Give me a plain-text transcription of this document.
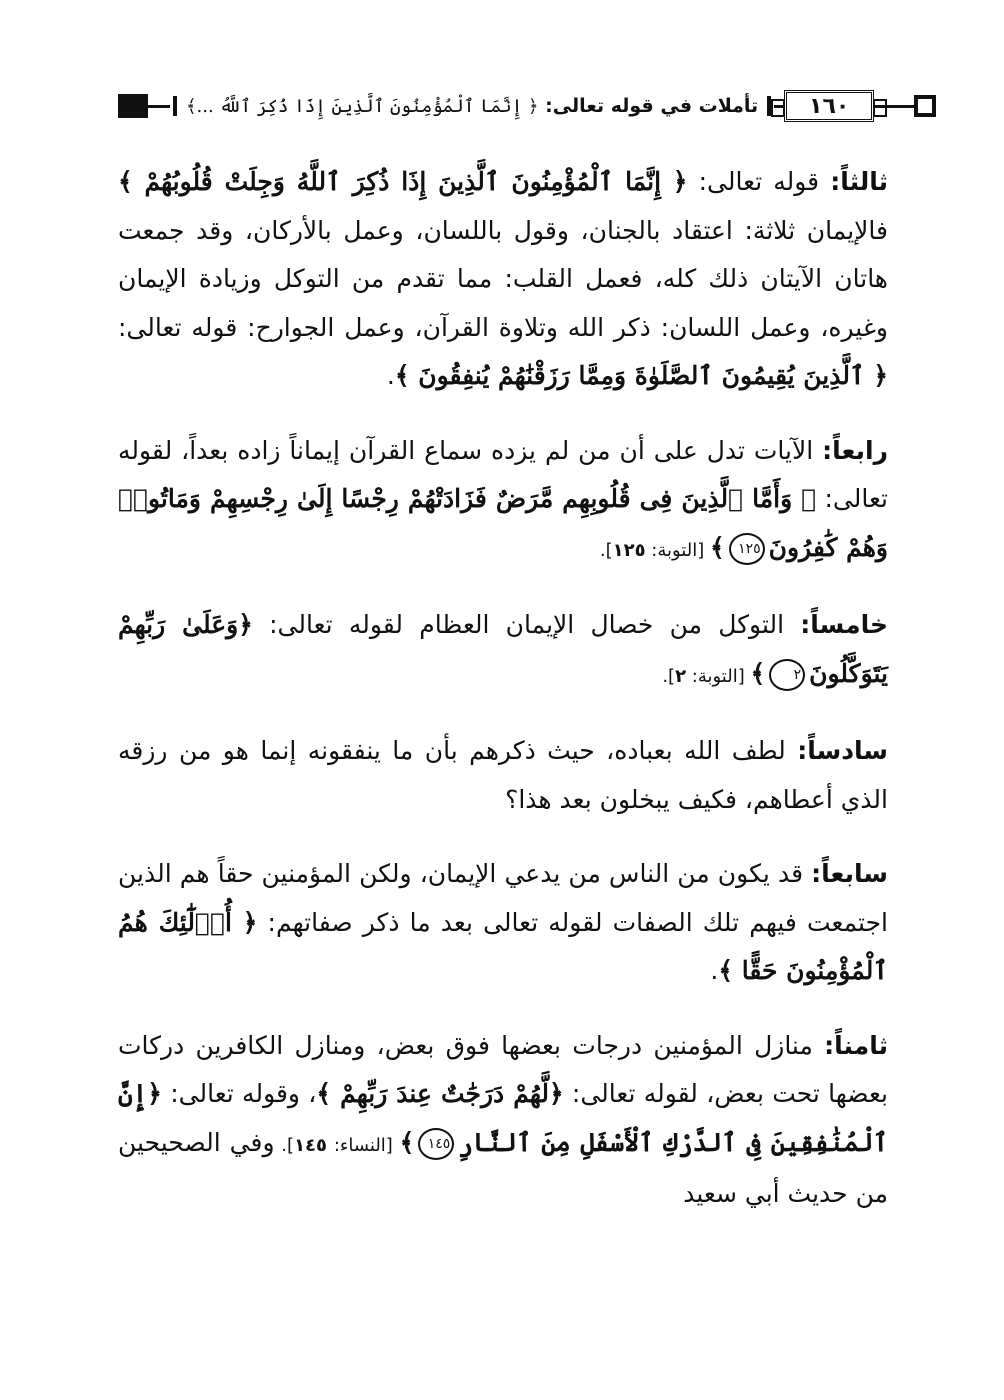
تأملات في قوله تعالى: ﴿ إِنَّمَا ٱلْمُؤْمِنُونَ ٱلَّذِينَ إِذَا ذُكِرَ ٱللَّهُ ...﴾	١٦٠

ثالثاً: قوله تعالى: ﴿ إِنَّمَا ٱلْمُؤْمِنُونَ ٱلَّذِينَ إِذَا ذُكِرَ ٱللَّهُ وَجِلَتْ قُلُوبُهُمْ ﴾ فالإيمان ثلاثة: اعتقاد بالجنان، وقول باللسان، وعمل بالأركان، وقد جمعت هاتان الآيتان ذلك كله، فعمل القلب: مما تقدم من التوكل وزيادة الإيمان وغيره، وعمل اللسان: ذكر الله وتلاوة القرآن، وعمل الجوارح: قوله تعالى: ﴿ ٱلَّذِينَ يُقِيمُونَ ٱلصَّلَوٰةَ وَمِمَّا رَزَقْنَٰهُمْ يُنفِقُونَ ﴾.

رابعاً: الآيات تدل على أن من لم يزده سماع القرآن إيماناً زاده بعداً، لقوله تعالى: ﴿ وَأَمَّا ٱلَّذِينَ فِى قُلُوبِهِم مَّرَضٌ فَزَادَتْهُمْ رِجْسًا إِلَىٰ رِجْسِهِمْ وَمَاتُوا۟ وَهُمْ كَٰفِرُونَ١٢٥﴾ [التوبة: ١٢٥].

خامساً: التوكل من خصال الإيمان العظام لقوله تعالى: ﴿وَعَلَىٰ رَبِّهِمْ يَتَوَكَّلُونَ٢﴾ [التوبة: ٢].

سادساً: لطف الله بعباده، حيث ذكرهم بأن ما ينفقونه إنما هو من رزقه الذي أعطاهم، فكيف يبخلون بعد هذا؟

سابعاً: قد يكون من الناس من يدعي الإيمان، ولكن المؤمنين حقاً هم الذين اجتمعت فيهم تلك الصفات لقوله تعالى بعد ما ذكر صفاتهم: ﴿ أُو۟لَٰٓئِكَ هُمُ ٱلْمُؤْمِنُونَ حَقًّا ﴾.

ثامناً: منازل المؤمنين درجات بعضها فوق بعض، ومنازل الكافرين دركات بعضها تحت بعض، لقوله تعالى: ﴿لَّهُمْ دَرَجَٰتٌ عِندَ رَبِّهِمْ ﴾، وقوله تعالى: ﴿إِنَّ ٱلْمُنَٰفِقِينَ فِى ٱلدَّرْكِ ٱلْأَسْفَلِ مِنَ ٱلنَّارِ١٤٥﴾ [النساء: ١٤٥]. وفي الصحيحين من حديث أبي سعيد
